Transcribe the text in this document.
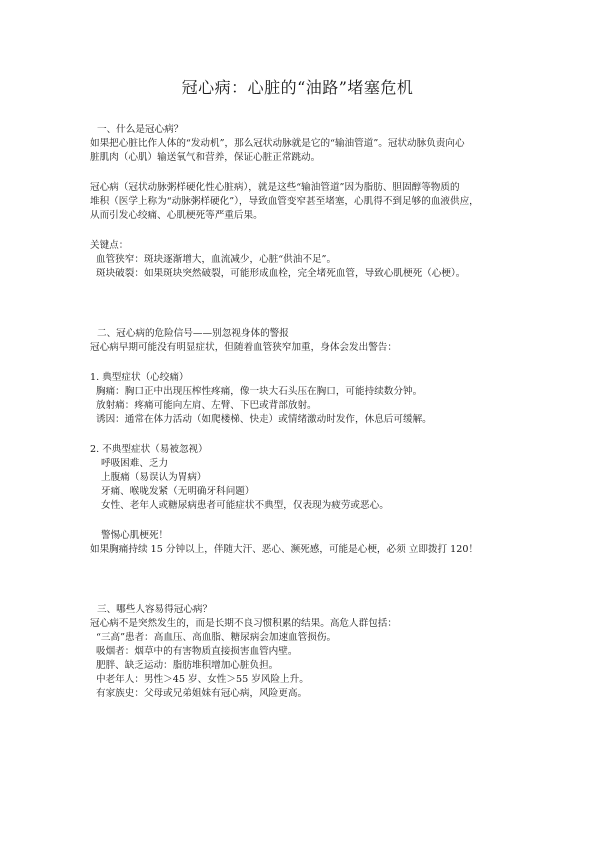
冠心病：心脏的“油路”堵塞危机
一、什么是冠心病？
如果把心脏比作人体的“发动机”，那么冠状动脉就是它的“输油管道”。冠状动脉负责向心
脏肌肉（心肌）输送氧气和营养，保证心脏正常跳动。
冠心病（冠状动脉粥样硬化性心脏病），就是这些“输油管道”因为脂肪、胆固醇等物质的
堆积（医学上称为“动脉粥样硬化”），导致血管变窄甚至堵塞，心肌得不到足够的血液供应，
从而引发心绞痛、心肌梗死等严重后果。
关键点：
血管狭窄：斑块逐渐增大，血流减少，心脏“供油不足”。
斑块破裂：如果斑块突然破裂，可能形成血栓，完全堵死血管，导致心肌梗死（心梗）。
二、冠心病的危险信号——别忽视身体的警报
冠心病早期可能没有明显症状，但随着血管狭窄加重，身体会发出警告：
1. 典型症状（心绞痛）
胸痛：胸口正中出现压榨性疼痛，像一块大石头压在胸口，可能持续数分钟。
放射痛：疼痛可能向左肩、左臂、下巴或背部放射。
诱因：通常在体力活动（如爬楼梯、快走）或情绪激动时发作，休息后可缓解。
2. 不典型症状（易被忽视）
呼吸困难、乏力
上腹痛（易误认为胃病）
牙痛、喉咙发紧（无明确牙科问题）
女性、老年人或糖尿病患者可能症状不典型，仅表现为疲劳或恶心。
警惕心肌梗死！
如果胸痛持续 15 分钟以上，伴随大汗、恶心、濒死感，可能是心梗，必须 立即拨打 120！
三、哪些人容易得冠心病？
冠心病不是突然发生的，而是长期不良习惯积累的结果。高危人群包括：
“三高”患者：高血压、高血脂、糖尿病会加速血管损伤。
吸烟者：烟草中的有害物质直接损害血管内壁。
肥胖、缺乏运动：脂肪堆积增加心脏负担。
中老年人：男性＞45 岁、女性＞55 岁风险上升。
有家族史：父母或兄弟姐妹有冠心病，风险更高。
